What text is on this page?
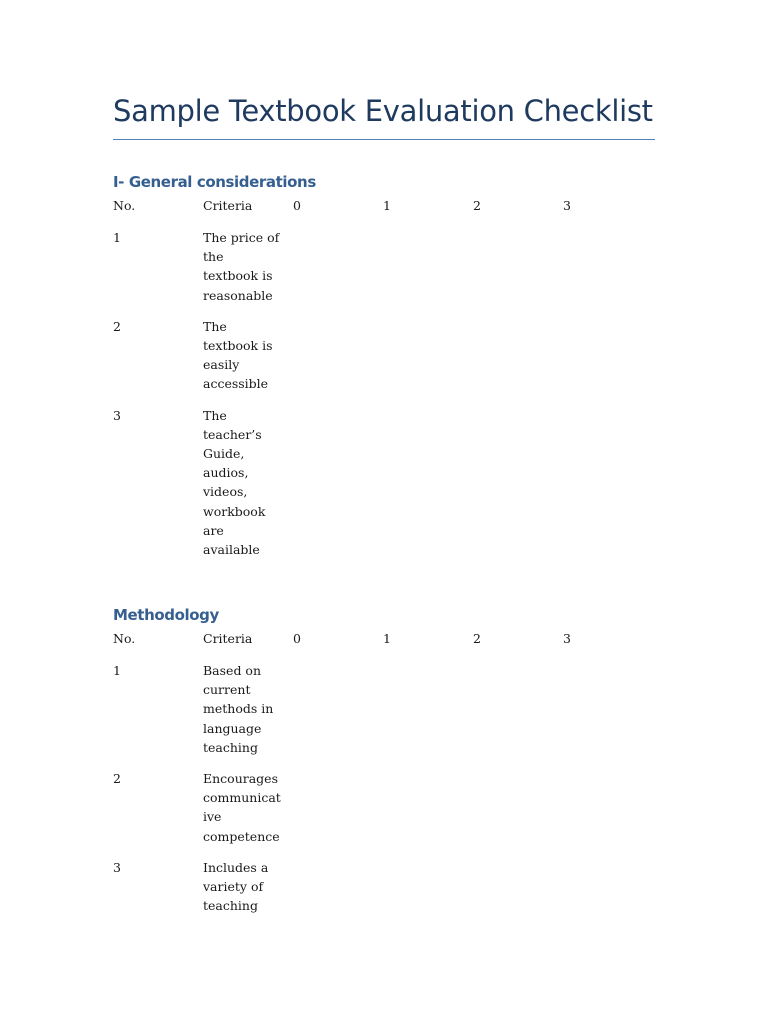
Sample Textbook Evaluation Checklist
I- General considerations
No.	Criteria	0	1	2	3
1	The price of the textbook is reasonable
2	The textbook is easily accessible
3	The teacher’s Guide, audios, videos, workbook are available
Methodology
No.	Criteria	0	1	2	3
1	Based on current methods in language teaching
2	Encourages communicat ive competence
3	Includes a variety of teaching
